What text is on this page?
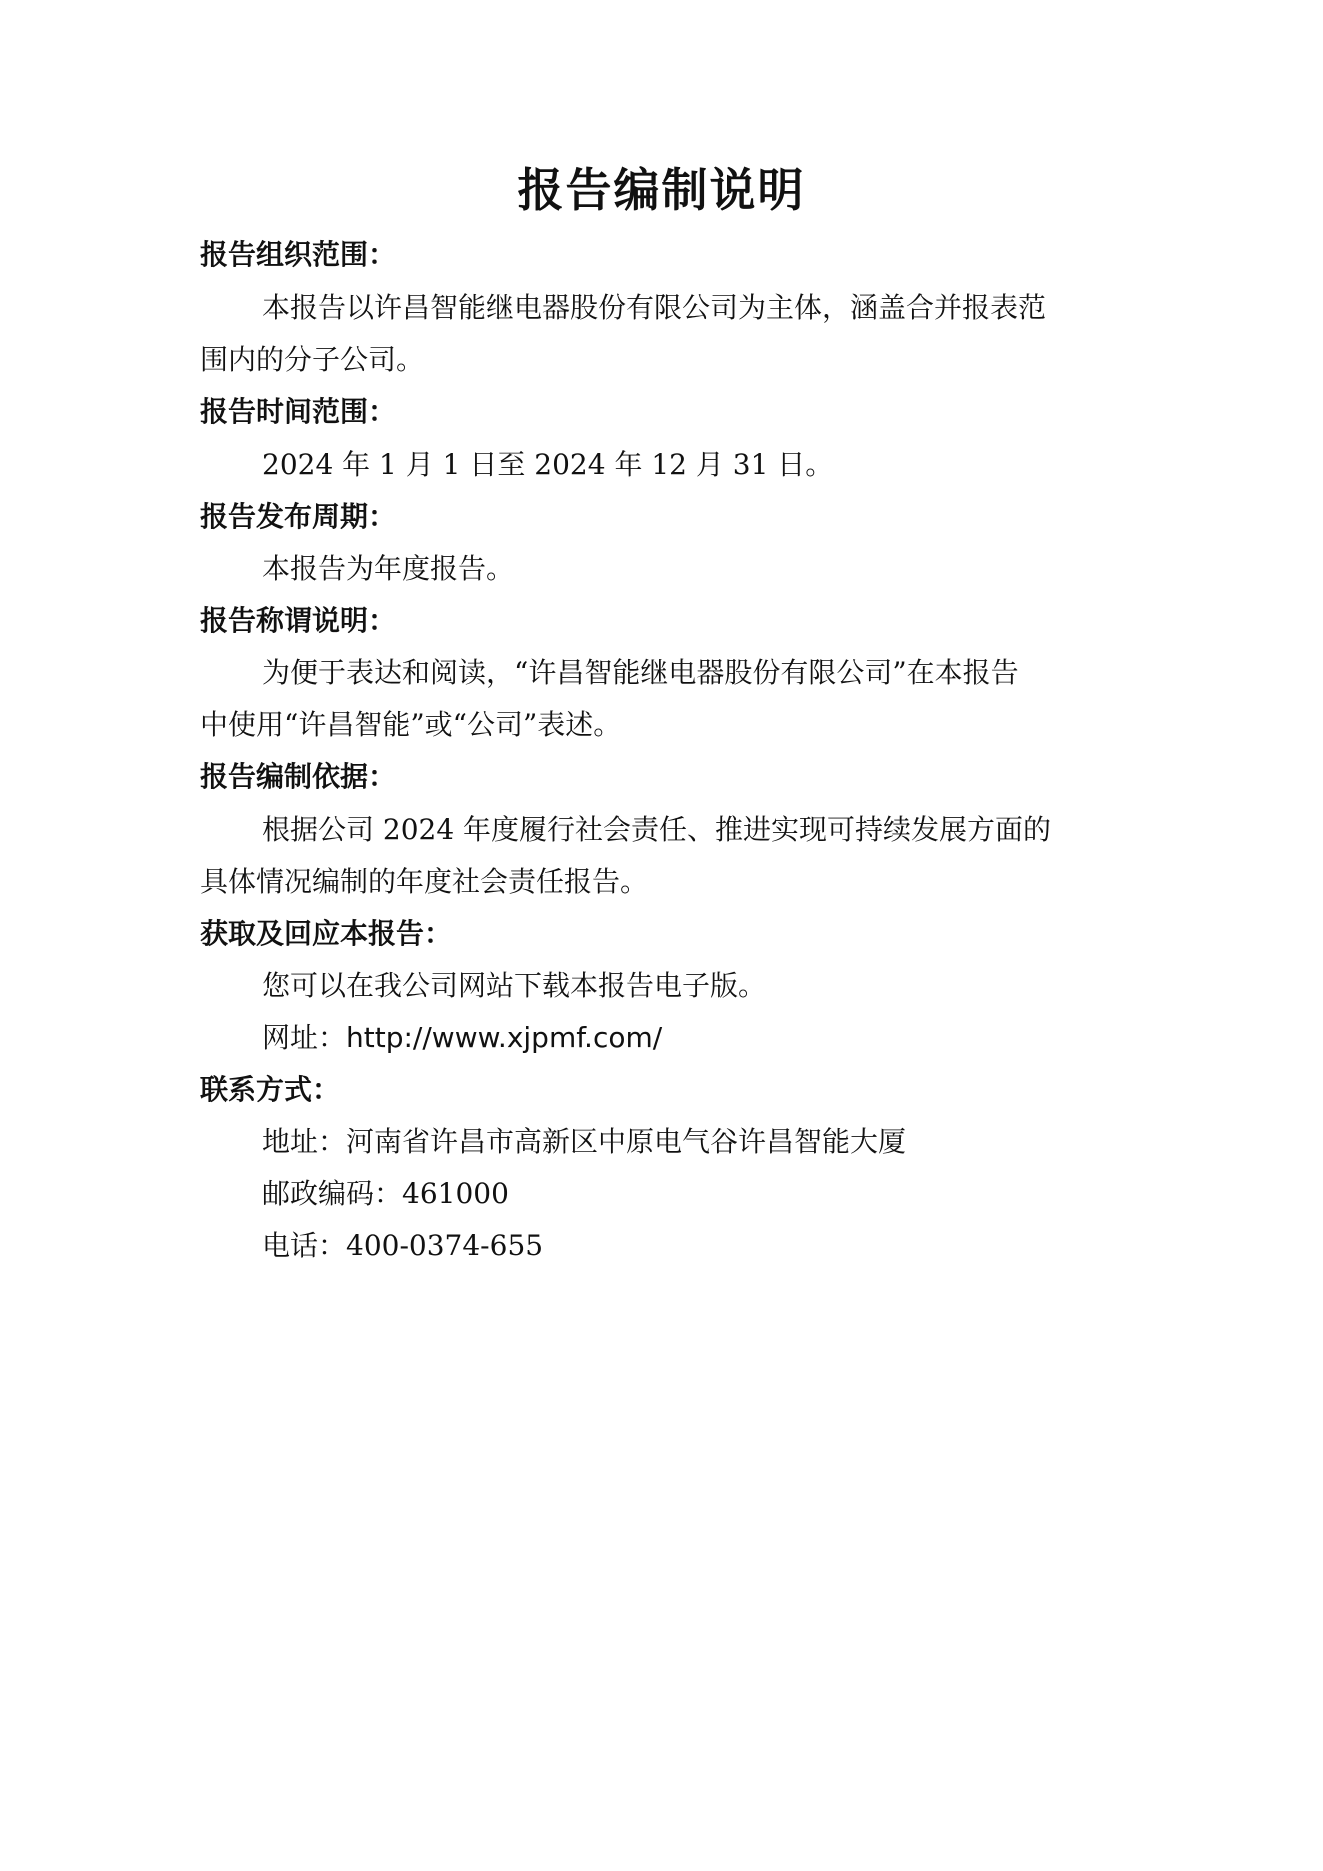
报告编制说明
报告组织范围：
本报告以许昌智能继电器股份有限公司为主体，涵盖合并报表范
围内的分子公司。
报告时间范围：
2024 年 1 月 1 日至 2024 年 12 月 31 日。
报告发布周期：
本报告为年度报告。
报告称谓说明：
为便于表达和阅读，“许昌智能继电器股份有限公司”在本报告
中使用“许昌智能”或“公司”表述。
报告编制依据：
根据公司 2024 年度履行社会责任、推进实现可持续发展方面的
具体情况编制的年度社会责任报告。
获取及回应本报告：
您可以在我公司网站下载本报告电子版。
网址：http://www.xjpmf.com/
联系方式：
地址：河南省许昌市高新区中原电气谷许昌智能大厦
邮政编码：461000
电话：400-0374-655
